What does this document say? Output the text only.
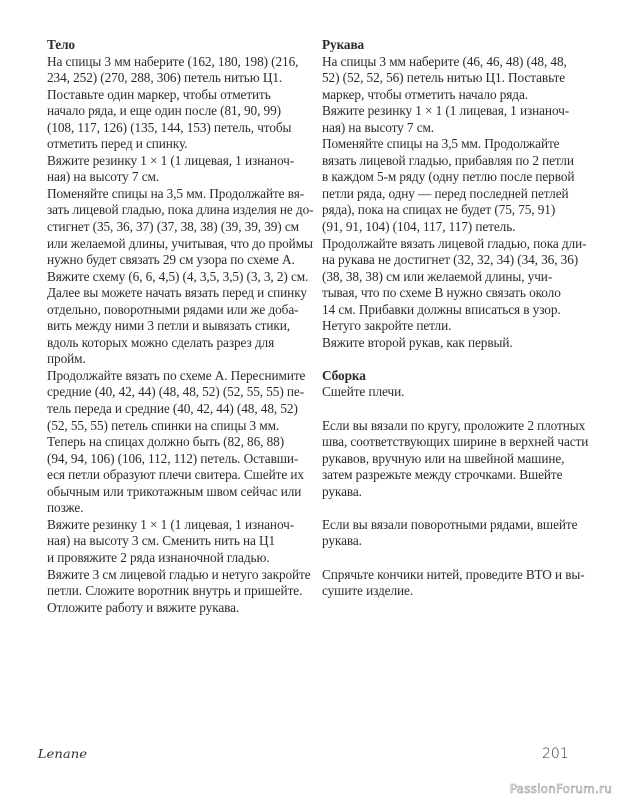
Тело
На спицы 3 мм наберите (162, 180, 198) (216,
234, 252) (270, 288, 306) петель нитью Ц1.
Поставьте один маркер, чтобы отметить
начало ряда, и еще один после (81, 90, 99)
(108, 117, 126) (135, 144, 153) петель, чтобы
отметить перед и спинку.
Вяжите резинку 1 × 1 (1 лицевая, 1 изнаноч-
ная) на высоту 7 см.
Поменяйте спицы на 3,5 мм. Продолжайте вя-
зать лицевой гладью, пока длина изделия не до-
стигнет (35, 36, 37) (37, 38, 38) (39, 39, 39) см
или желаемой длины, учитывая, что до проймы
нужно будет связать 29 см узора по схеме А.
Вяжите схему (6, 6, 4,5) (4, 3,5, 3,5) (3, 3, 2) см.
Далее вы можете начать вязать перед и спинку
отдельно, поворотными рядами или же доба-
вить между ними 3 петли и вывязать стики,
вдоль которых можно сделать разрез для
пройм.
Продолжайте вязать по схеме А. Переснимите
средние (40, 42, 44) (48, 48, 52) (52, 55, 55) пе-
тель переда и средние (40, 42, 44) (48, 48, 52)
(52, 55, 55) петель спинки на спицы 3 мм.
Теперь на спицах должно быть (82, 86, 88)
(94, 94, 106) (106, 112, 112) петель. Оставши-
еся петли образуют плечи свитера. Сшейте их
обычным или трикотажным швом сейчас или
позже.
Вяжите резинку 1 × 1 (1 лицевая, 1 изнаноч-
ная) на высоту 3 см. Сменить нить на Ц1
и провяжите 2 ряда изнаночной гладью.
Вяжите 3 см лицевой гладью и нетуго закройте
петли. Сложите воротник внутрь и пришейте.
Отложите работу и вяжите рукава.
Рукава
На спицы 3 мм наберите (46, 46, 48) (48, 48,
52) (52, 52, 56) петель нитью Ц1. Поставьте
маркер, чтобы отметить начало ряда.
Вяжите резинку 1 × 1 (1 лицевая, 1 изнаноч-
ная) на высоту 7 см.
Поменяйте спицы на 3,5 мм. Продолжайте
вязать лицевой гладью, прибавляя по 2 петли
в каждом 5-м ряду (одну петлю после первой
петли ряда, одну — перед последней петлей
ряда), пока на спицах не будет (75, 75, 91)
(91, 91, 104) (104, 117, 117) петель.
Продолжайте вязать лицевой гладью, пока дли-
на рукава не достигнет (32, 32, 34) (34, 36, 36)
(38, 38, 38) см или желаемой длины, учи-
тывая, что по схеме В нужно связать около
14 см. Прибавки должны вписаться в узор.
Нетуго закройте петли.
Вяжите второй рукав, как первый.
Сборка
Сшейте плечи.
Если вы вязали по кругу, проложите 2 плотных
шва, соответствующих ширине в верхней части
рукавов, вручную или на швейной машине,
затем разрежьте между строчками. Вшейте
рукава.
Если вы вязали поворотными рядами, вшейте
рукава.
Спрячьте кончики нитей, проведите ВТО и вы-
сушите изделие.
Lenane	201
PassionForum.ru
